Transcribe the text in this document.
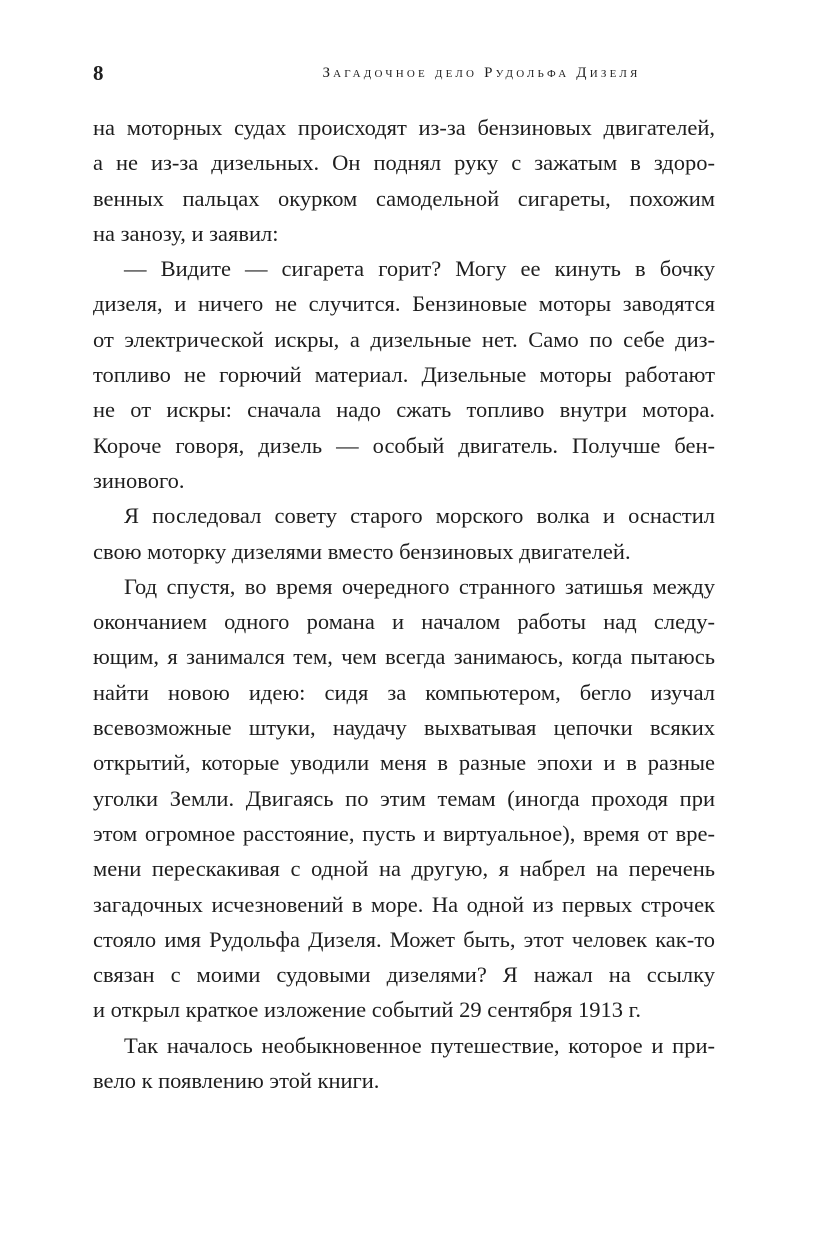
8	Загадочное дело Рудольфа Дизеля
на моторных судах происходят из-за бензиновых двигателей,
а не из-за дизельных. Он поднял руку с зажатым в здоро-
венных пальцах окурком самодельной сигареты, похожим
на занозу, и заявил:
— Видите — сигарета горит? Могу ее кинуть в бочку
дизеля, и ничего не случится. Бензиновые моторы заводятся
от электрической искры, а дизельные нет. Само по себе диз-
топливо не горючий материал. Дизельные моторы работают
не от искры: сначала надо сжать топливо внутри мотора.
Короче говоря, дизель — особый двигатель. Получше бен-
зинового.
Я последовал совету старого морского волка и оснастил
свою моторку дизелями вместо бензиновых двигателей.
Год спустя, во время очередного странного затишья между
окончанием одного романа и началом работы над следу-
ющим, я занимался тем, чем всегда занимаюсь, когда пытаюсь
найти новою идею: сидя за компьютером, бегло изучал
всевозможные штуки, наудачу выхватывая цепочки всяких
открытий, которые уводили меня в разные эпохи и в разные
уголки Земли. Двигаясь по этим темам (иногда проходя при
этом огромное расстояние, пусть и виртуальное), время от вре-
мени перескакивая с одной на другую, я набрел на перечень
загадочных исчезновений в море. На одной из первых строчек
стояло имя Рудольфа Дизеля. Может быть, этот человек как-то
связан с моими судовыми дизелями? Я нажал на ссылку
и открыл краткое изложение событий 29 сентября 1913 г.
Так началось необыкновенное путешествие, которое и при-
вело к появлению этой книги.
